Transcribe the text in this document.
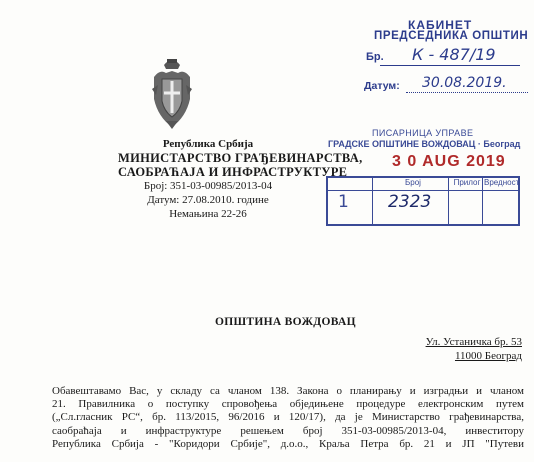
Република Србија
МИНИСТАРСТВО ГРАЂЕВИНАРСТВА,
САОБРАЋАЈА И ИНФРАСТРУКТУРЕ
Број: 351-03-00985/2013-04
Датум: 27.08.2010. године
Немањина 22-26
КАБИНЕТ
ПРЕДСЕДНИКА ОПШТИН
Бр. К - 487/19
Датум: 30.08.2019.
ПИСАРНИЦА УПРАВЕ
ГРАДСКЕ ОПШТИНЕ ВОЖДОВАЦ · Београд
3 0 AUG 2019
Број	Прилог Вредност
1 2323
ОПШТИНА ВОЖДОВАЦ
Ул. Устаничка бр. 53
11000 Београд
Обавештавамо Вас, у складу са чланом 138. Закона о планирању и изградњи и чланом
21. Правилника о поступку спровођења обједињене процедуре електронским путем
(„Сл.гласник РС“, бр. 113/2015, 96/2016 и 120/17), да је Министарство грађевинарства,
саобраћаја и инфраструктуре решењем број 351-03-00985/2013-04, инвеститору
Република Србија - "Коридори Србије", д.о.о., Краља Петра бр. 21 и ЈП "Путеви
